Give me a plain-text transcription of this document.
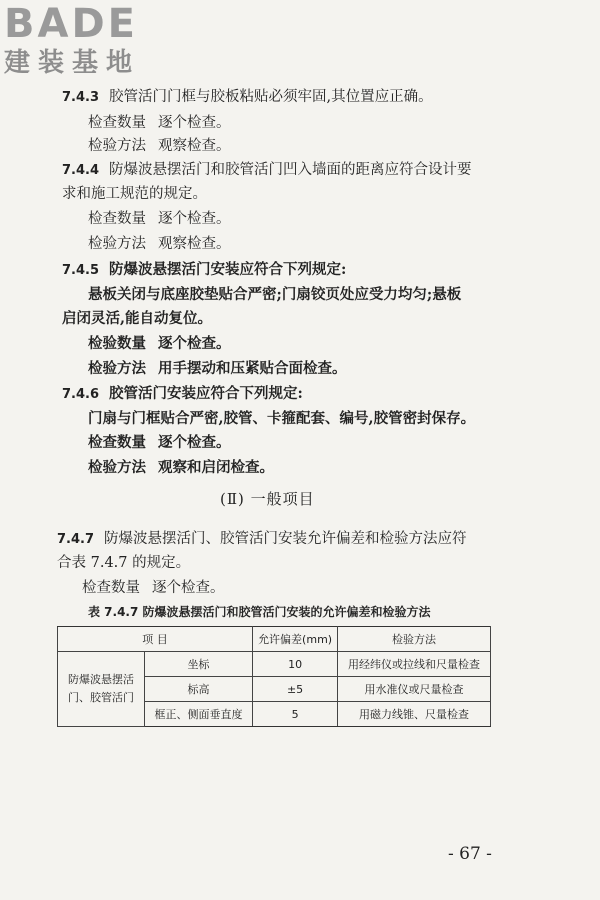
BADE
建装基地
7.4.3 胶管活门门框与胶板粘贴必须牢固,其位置应正确。
检查数量 逐个检查。
检验方法 观察检查。
7.4.4 防爆波悬摆活门和胶管活门凹入墙面的距离应符合设计要
求和施工规范的规定。
检查数量 逐个检查。
检验方法 观察检查。
7.4.5 防爆波悬摆活门安装应符合下列规定:
悬板关闭与底座胶垫贴合严密;门扇铰页处应受力均匀;悬板
启闭灵活,能自动复位。
检验数量 逐个检查。
检验方法 用手摆动和压紧贴合面检查。
7.4.6 胶管活门安装应符合下列规定:
门扇与门框贴合严密,胶管、卡箍配套、编号,胶管密封保存。
检查数量 逐个检查。
检验方法 观察和启闭检查。
(Ⅱ) 一般项目
7.4.7 防爆波悬摆活门、胶管活门安装允许偏差和检验方法应符
合表 7.4.7 的规定。
检查数量 逐个检查。
表 7.4.7 防爆波悬摆活门和胶管活门安装的允许偏差和检验方法
项 目		允许偏差(mm)	检验方法
防爆波悬摆活
门、胶管活门	坐标	10	用经纬仪或拉线和尺量检查
	标高	±5	用水准仪或尺量检查
	框正、侧面垂直度	5	用磁力线锥、尺量检查
- 67 -
